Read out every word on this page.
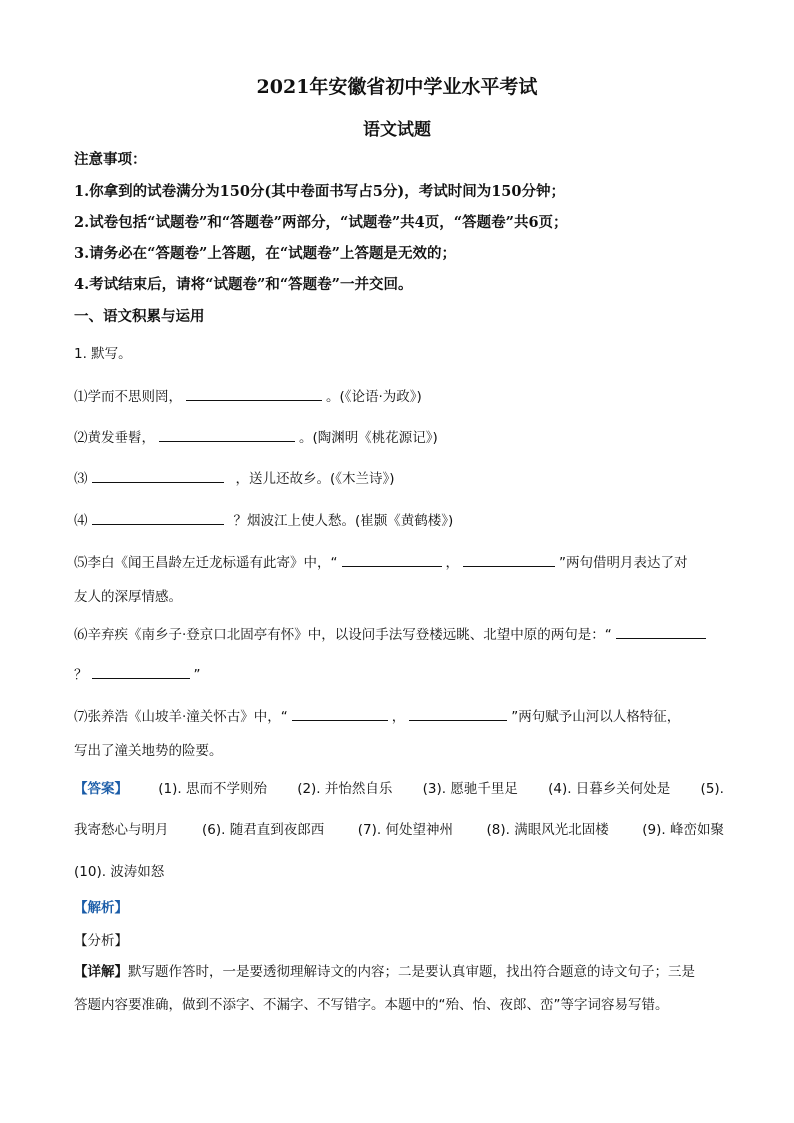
2021年安徽省初中学业水平考试
语文试题
注意事项：
1.你拿到的试卷满分为150分(其中卷面书写占5分)，考试时间为150分钟；
2.试卷包括“试题卷”和“答题卷”两部分，“试题卷”共4页，“答题卷”共6页；
3.请务必在“答题卷”上答题，在“试题卷”上答题是无效的；
4.考试结束后，请将“试题卷”和“答题卷”一并交回。
一、语文积累与运用
1. 默写。
⑴学而不思则罔，	。(《论语·为政》)
⑵黄发垂髫，	。(陶渊明《桃花源记》)
⑶	，送儿还故乡。(《木兰诗》)
⑷	？烟波江上使人愁。(崔颢《黄鹤楼》)
⑸李白《闻王昌龄左迁龙标遥有此寄》中，“	，	”两句借明月表达了对
友人的深厚情感。
⑹辛弃疾《南乡子·登京口北固亭有怀》中，以设问手法写登楼远眺、北望中原的两句是：“
？	”
⑺张养浩《山坡羊·潼关怀古》中，“	，	”两句赋予山河以人格特征，
写出了潼关地势的险要。
【答案】 (1). 思而不学则殆 (2). 并怡然自乐 (3). 愿驰千里足 (4). 日暮乡关何处是 (5).
我寄愁心与明月 (6). 随君直到夜郎西 (7). 何处望神州 (8). 满眼风光北固楼 (9). 峰峦如聚
(10). 波涛如怒
【解析】
【分析】
【详解】默写题作答时，一是要透彻理解诗文的内容；二是要认真审题，找出符合题意的诗文句子；三是
答题内容要准确，做到不添字、不漏字、不写错字。本题中的“殆、怡、夜郎、峦”等字词容易写错。
